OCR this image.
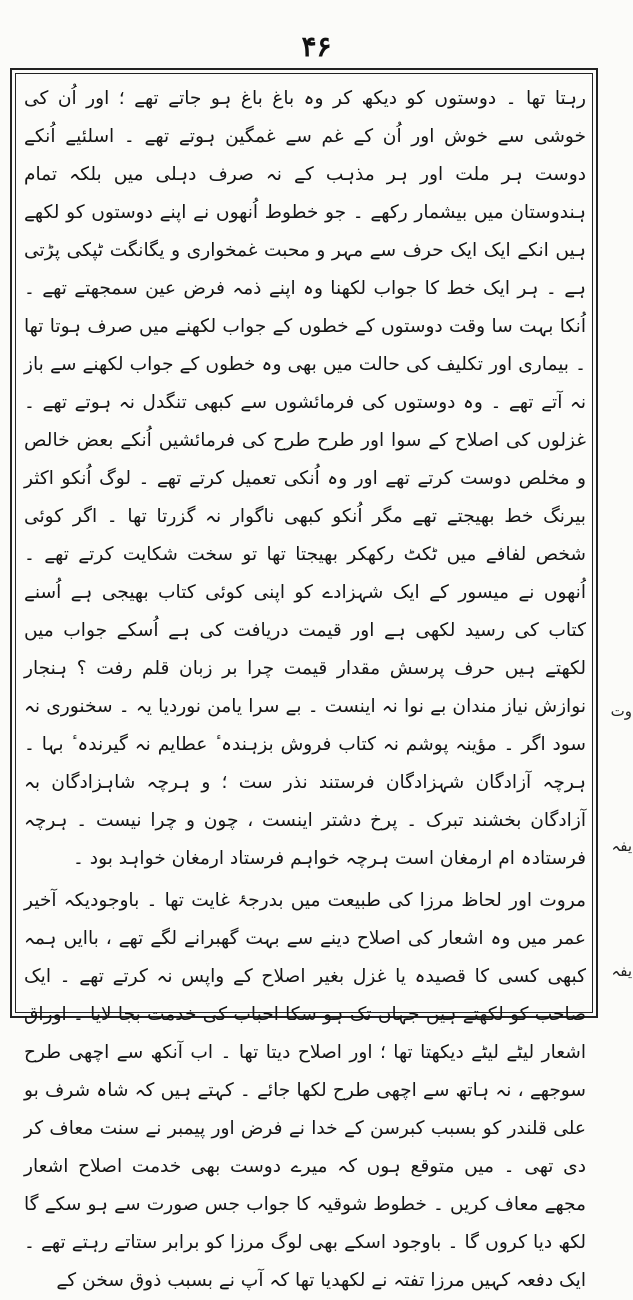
۴۶

رہتا تھا ۔ دوستوں کو دیکھ کر وہ باغ باغ ہو جاتے تھے ؛ اور اُن کی خوشی سے خوش اور اُن کے غم سے غمگین ہوتے تھے ۔ اسلئیے اُنکے دوست ہر ملت اور ہر مذہب کے نہ صرف دہلی میں بلکہ تمام ہندوستان میں بیشمار رکھے ۔ جو خطوط اُنھوں نے اپنے دوستوں کو لکھے ہیں انکے ایک ایک حرف سے مہر و محبت غمخواری و یگانگت ٹپکی پڑتی ہے ۔ ہر ایک خط کا جواب لکھنا وہ اپنے ذمہ فرض عین سمجھتے تھے ۔ اُنکا بہت سا وقت دوستوں کے خطوں کے جواب لکھنے میں صرف ہوتا تھا ۔ بیماری اور تکلیف کی حالت میں بھی وہ خطوں کے جواب لکھنے سے باز نہ آتے تھے ۔ وہ دوستوں کی فرمائشوں سے کبھی تنگدل نہ ہوتے تھے ۔ غزلوں کی اصلاح کے سوا اور طرح طرح کی فرمائشیں اُنکے بعض خالص و مخلص دوست کرتے تھے اور وہ اُنکی تعمیل کرتے تھے ۔ لوگ اُنکو اکثر بیرنگ خط بھیجتے تھے مگر اُنکو کبھی ناگوار نہ گزرتا تھا ۔ اگر کوئی شخص لفافے میں ٹکٹ رکھکر بھیجتا تھا تو سخت شکایت کرتے تھے ۔ اُنھوں نے میسور کے ایک شہزادے کو اپنی کوئی کتاب بھیجی ہے اُسنے کتاب کی رسید لکھی ہے اور قیمت دریافت کی ہے اُسکے جواب میں لکھتے ہیں حرف پرسش مقدار قیمت چرا بر زبان قلم رفت ؟ ہنجار نوازش نیاز مندان بے نوا نہ اینست ۔ بے سرا یامن نوردیا یہ ۔ سخنوری نہ سود اگر ۔ مؤینہ پوشم نہ کتاب فروش بزہندہ ٔ عطایم نہ گیرندہ ٔ بہا ۔ ہرچہ آزادگان شہزادگان فرستند نذر ست ؛ و ہرچہ شاہزادگان بہ آزادگان بخشند تبرک ۔ پرخ دشتر اینست ، چون و چرا نیست ۔ ہرچہ فرستادہ ام ارمغان است ہرچہ خواہم فرستاد ارمغان خواہد بود ۔

مروت اور لحاظ مرزا کی طبیعت میں بدرجۂ غایت تھا ۔ باوجودیکہ آخیر عمر میں وہ اشعار کی اصلاح دینے سے بہت گھبرانے لگے تھے ، باایں ہمہ کبھی کسی کا قصیدہ یا غزل بغیر اصلاح کے واپس نہ کرتے تھے ۔ ایک صاحب کو لکھتے ہیں جہاں تک ہو سکا احباب کی خدمت بجا لایا ۔ اوراق اشعار لیٹے لیٹے دیکھتا تھا ؛ اور اصلاح دیتا تھا ۔ اب آنکھ سے اچھی طرح سوجھے ، نہ ہاتھ سے اچھی طرح لکھا جائے ۔ کہتے ہیں کہ شاہ شرف بو علی قلندر کو بسبب کبرسن کے خدا نے فرض اور پیمبر نے سنت معاف کر دی تھی ۔ میں متوقع ہوں کہ میرے دوست بھی خدمت اصلاح اشعار مجھے معاف کریں ۔ خطوط شوقیہ کا جواب جس صورت سے ہو سکے گا لکھ دیا کروں گا ۔ باوجود اسکے بھی لوگ مرزا کو برابر ستاتے رہتے تھے ۔ ایک دفعہ کہیں مرزا تفتہ نے لکھدیا تھا کہ آپ نے بسبب ذوق سخن کے

وت
یفہ
یفہ
